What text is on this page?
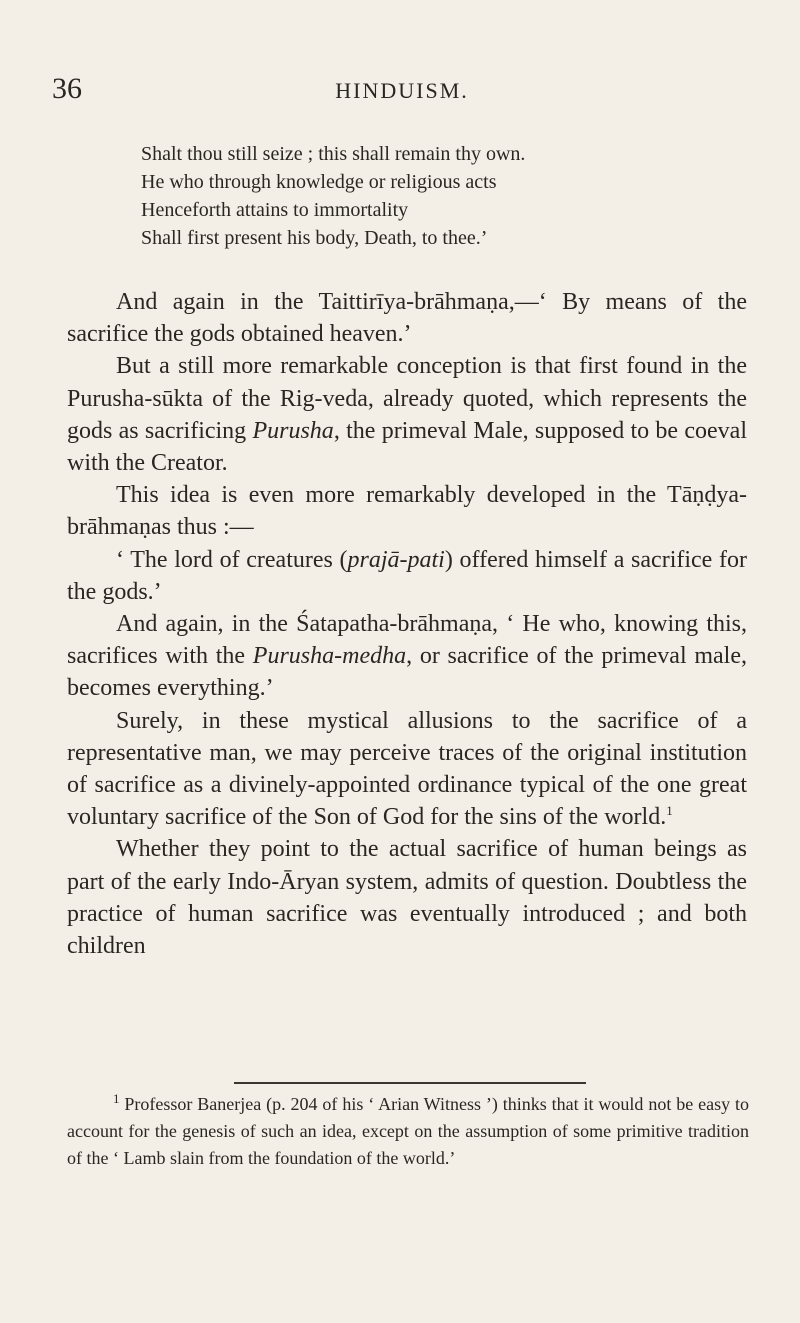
36	HINDUISM.
Shalt thou still seize ; this shall remain thy own.
He who through knowledge or religious acts
Henceforth attains to immortality
Shall first present his body, Death, to thee.’

And again in the Taittirīya-brāhmaṇa,—‘ By means of the sacrifice the gods obtained heaven.’

But a still more remarkable conception is that first found in the Purusha-sūkta of the Rig-veda, already quoted, which represents the gods as sacrificing Purusha, the primeval Male, supposed to be coeval with the Creator.

This idea is even more remarkably developed in the Tāṇḍya-brāhmaṇas thus :—

‘ The lord of creatures (prajā-pati) offered himself a sacrifice for the gods.’

And again, in the Śatapatha-brāhmaṇa, ‘ He who, knowing this, sacrifices with the Purusha-medha, or sacrifice of the primeval male, becomes everything.’

Surely, in these mystical allusions to the sacrifice of a representative man, we may perceive traces of the original institution of sacrifice as a divinely-appointed ordinance typical of the one great voluntary sacrifice of the Son of God for the sins of the world.$^1$

Whether they point to the actual sacrifice of human beings as part of the early Indo-Āryan system, admits of question. Doubtless the practice of human sacrifice was eventually introduced ; and both children

$^1$ Professor Banerjea (p. 204 of his ‘ Arian Witness ’) thinks that it would not be easy to account for the genesis of such an idea, except on the assumption of some primitive tradition of the ‘ Lamb slain from the foundation of the world.’
